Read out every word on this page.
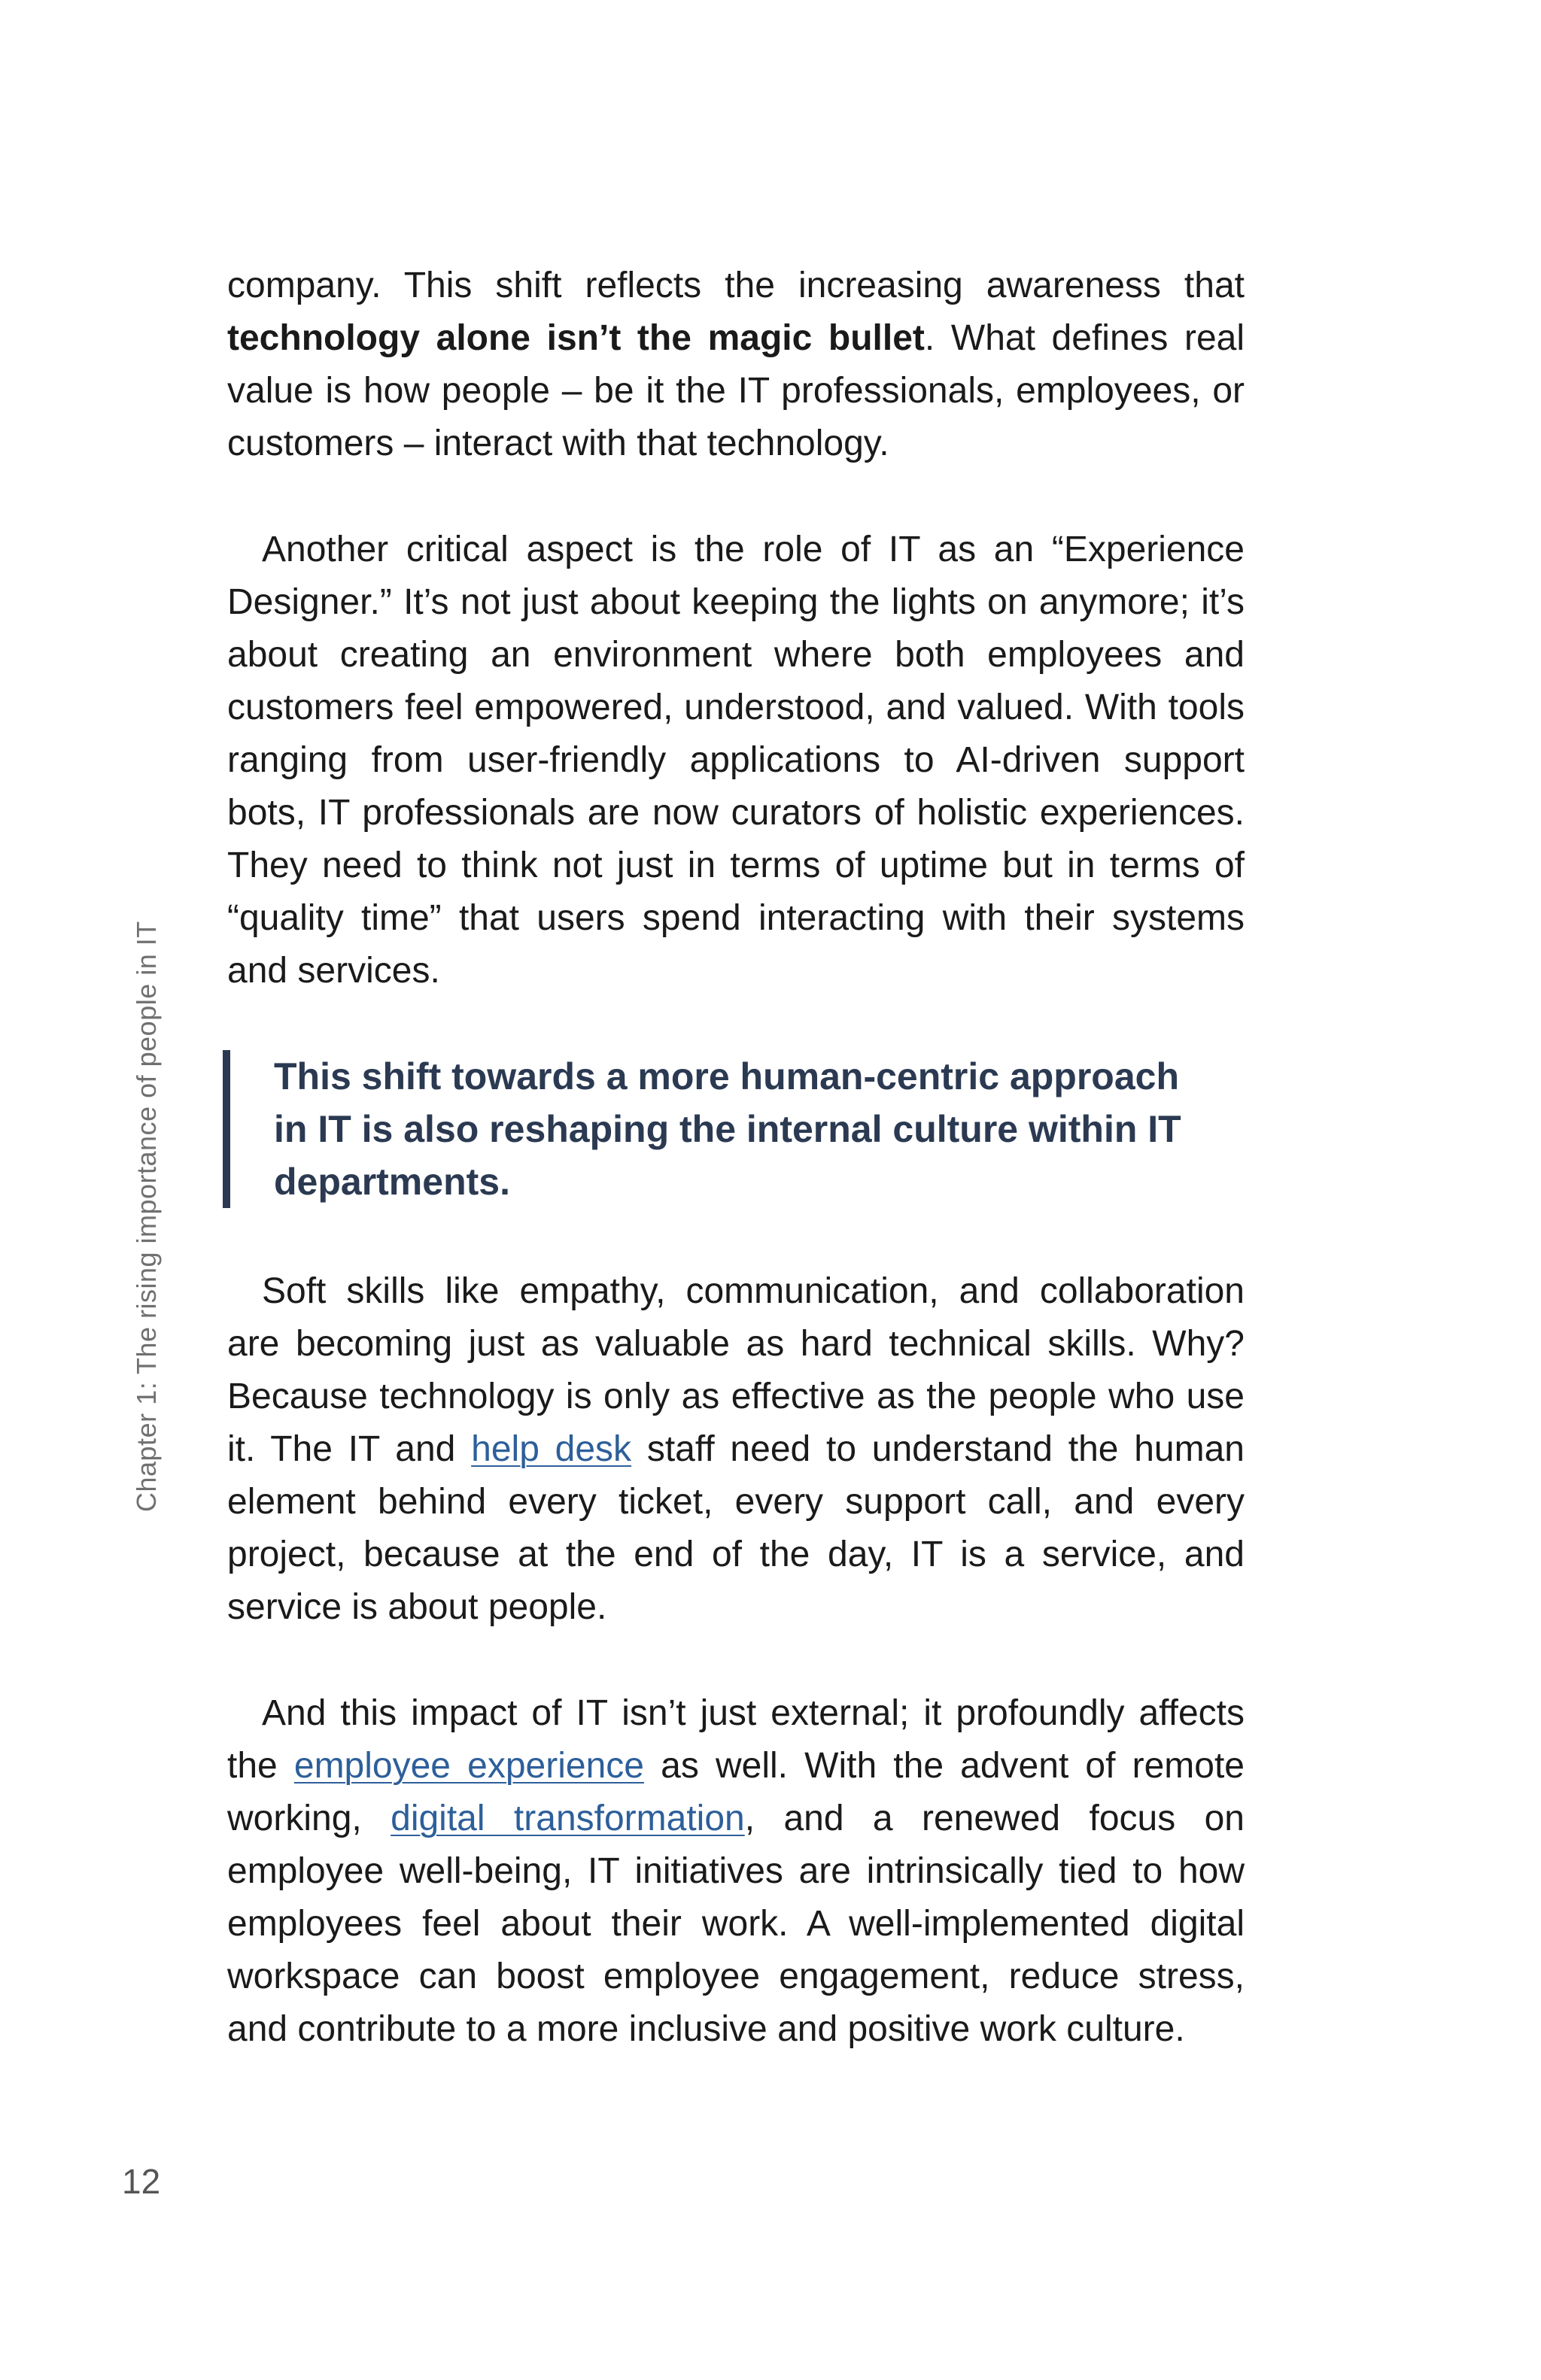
company. This shift reflects the increasing awareness that technology alone isn’t the magic bullet. What defines real value is how people – be it the IT professionals, employees, or customers – interact with that technology.

Another critical aspect is the role of IT as an “Experience Designer.” It’s not just about keeping the lights on anymore; it’s about creating an environment where both employees and customers feel empowered, understood, and valued. With tools ranging from user-friendly applications to AI-driven support bots, IT professionals are now curators of holistic experiences. They need to think not just in terms of uptime but in terms of “quality time” that users spend interacting with their systems and services.

This shift towards a more human-centric approach
in IT is also reshaping the internal culture within IT
departments.

Soft skills like empathy, communication, and collaboration are becoming just as valuable as hard technical skills. Why? Because technology is only as effective as the people who use it. The IT and help desk staff need to understand the human element behind every ticket, every support call, and every project, because at the end of the day, IT is a service, and service is about people.

And this impact of IT isn’t just external; it profoundly affects the employee experience as well. With the advent of remote working, digital transformation, and a renewed focus on employee well-being, IT initiatives are intrinsically tied to how employees feel about their work. A well-implemented digital workspace can boost employee engagement, reduce stress, and contribute to a more inclusive and positive work culture.

Chapter 1: The rising importance of people in IT
12
